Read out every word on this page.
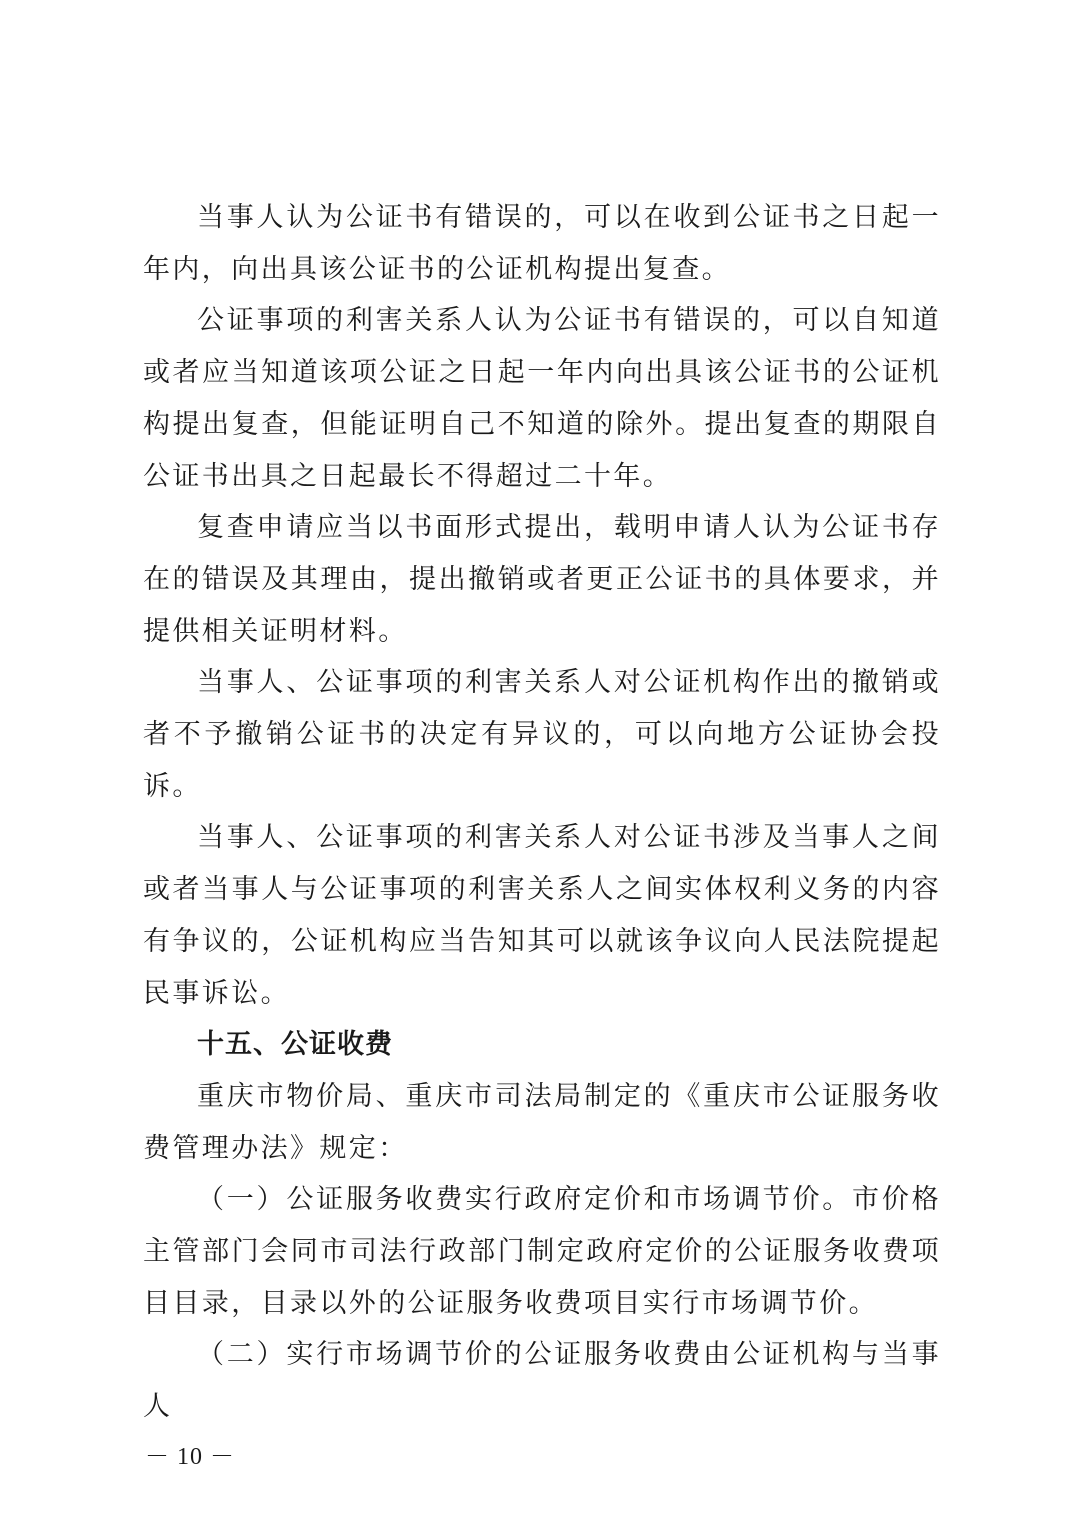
当事人认为公证书有错误的，可以在收到公证书之日起一年内，向出具该公证书的公证机构提出复查。

公证事项的利害关系人认为公证书有错误的，可以自知道或者应当知道该项公证之日起一年内向出具该公证书的公证机构提出复查，但能证明自己不知道的除外。提出复查的期限自公证书出具之日起最长不得超过二十年。

复查申请应当以书面形式提出，载明申请人认为公证书存在的错误及其理由，提出撤销或者更正公证书的具体要求，并提供相关证明材料。

当事人、公证事项的利害关系人对公证机构作出的撤销或者不予撤销公证书的决定有异议的，可以向地方公证协会投诉。

当事人、公证事项的利害关系人对公证书涉及当事人之间或者当事人与公证事项的利害关系人之间实体权利义务的内容有争议的，公证机构应当告知其可以就该争议向人民法院提起民事诉讼。

十五、公证收费

重庆市物价局、重庆市司法局制定的《重庆市公证服务收费管理办法》规定：

（一）公证服务收费实行政府定价和市场调节价。市价格主管部门会同市司法行政部门制定政府定价的公证服务收费项目目录，目录以外的公证服务收费项目实行市场调节价。

（二）实行市场调节价的公证服务收费由公证机构与当事人

－ 10 －
